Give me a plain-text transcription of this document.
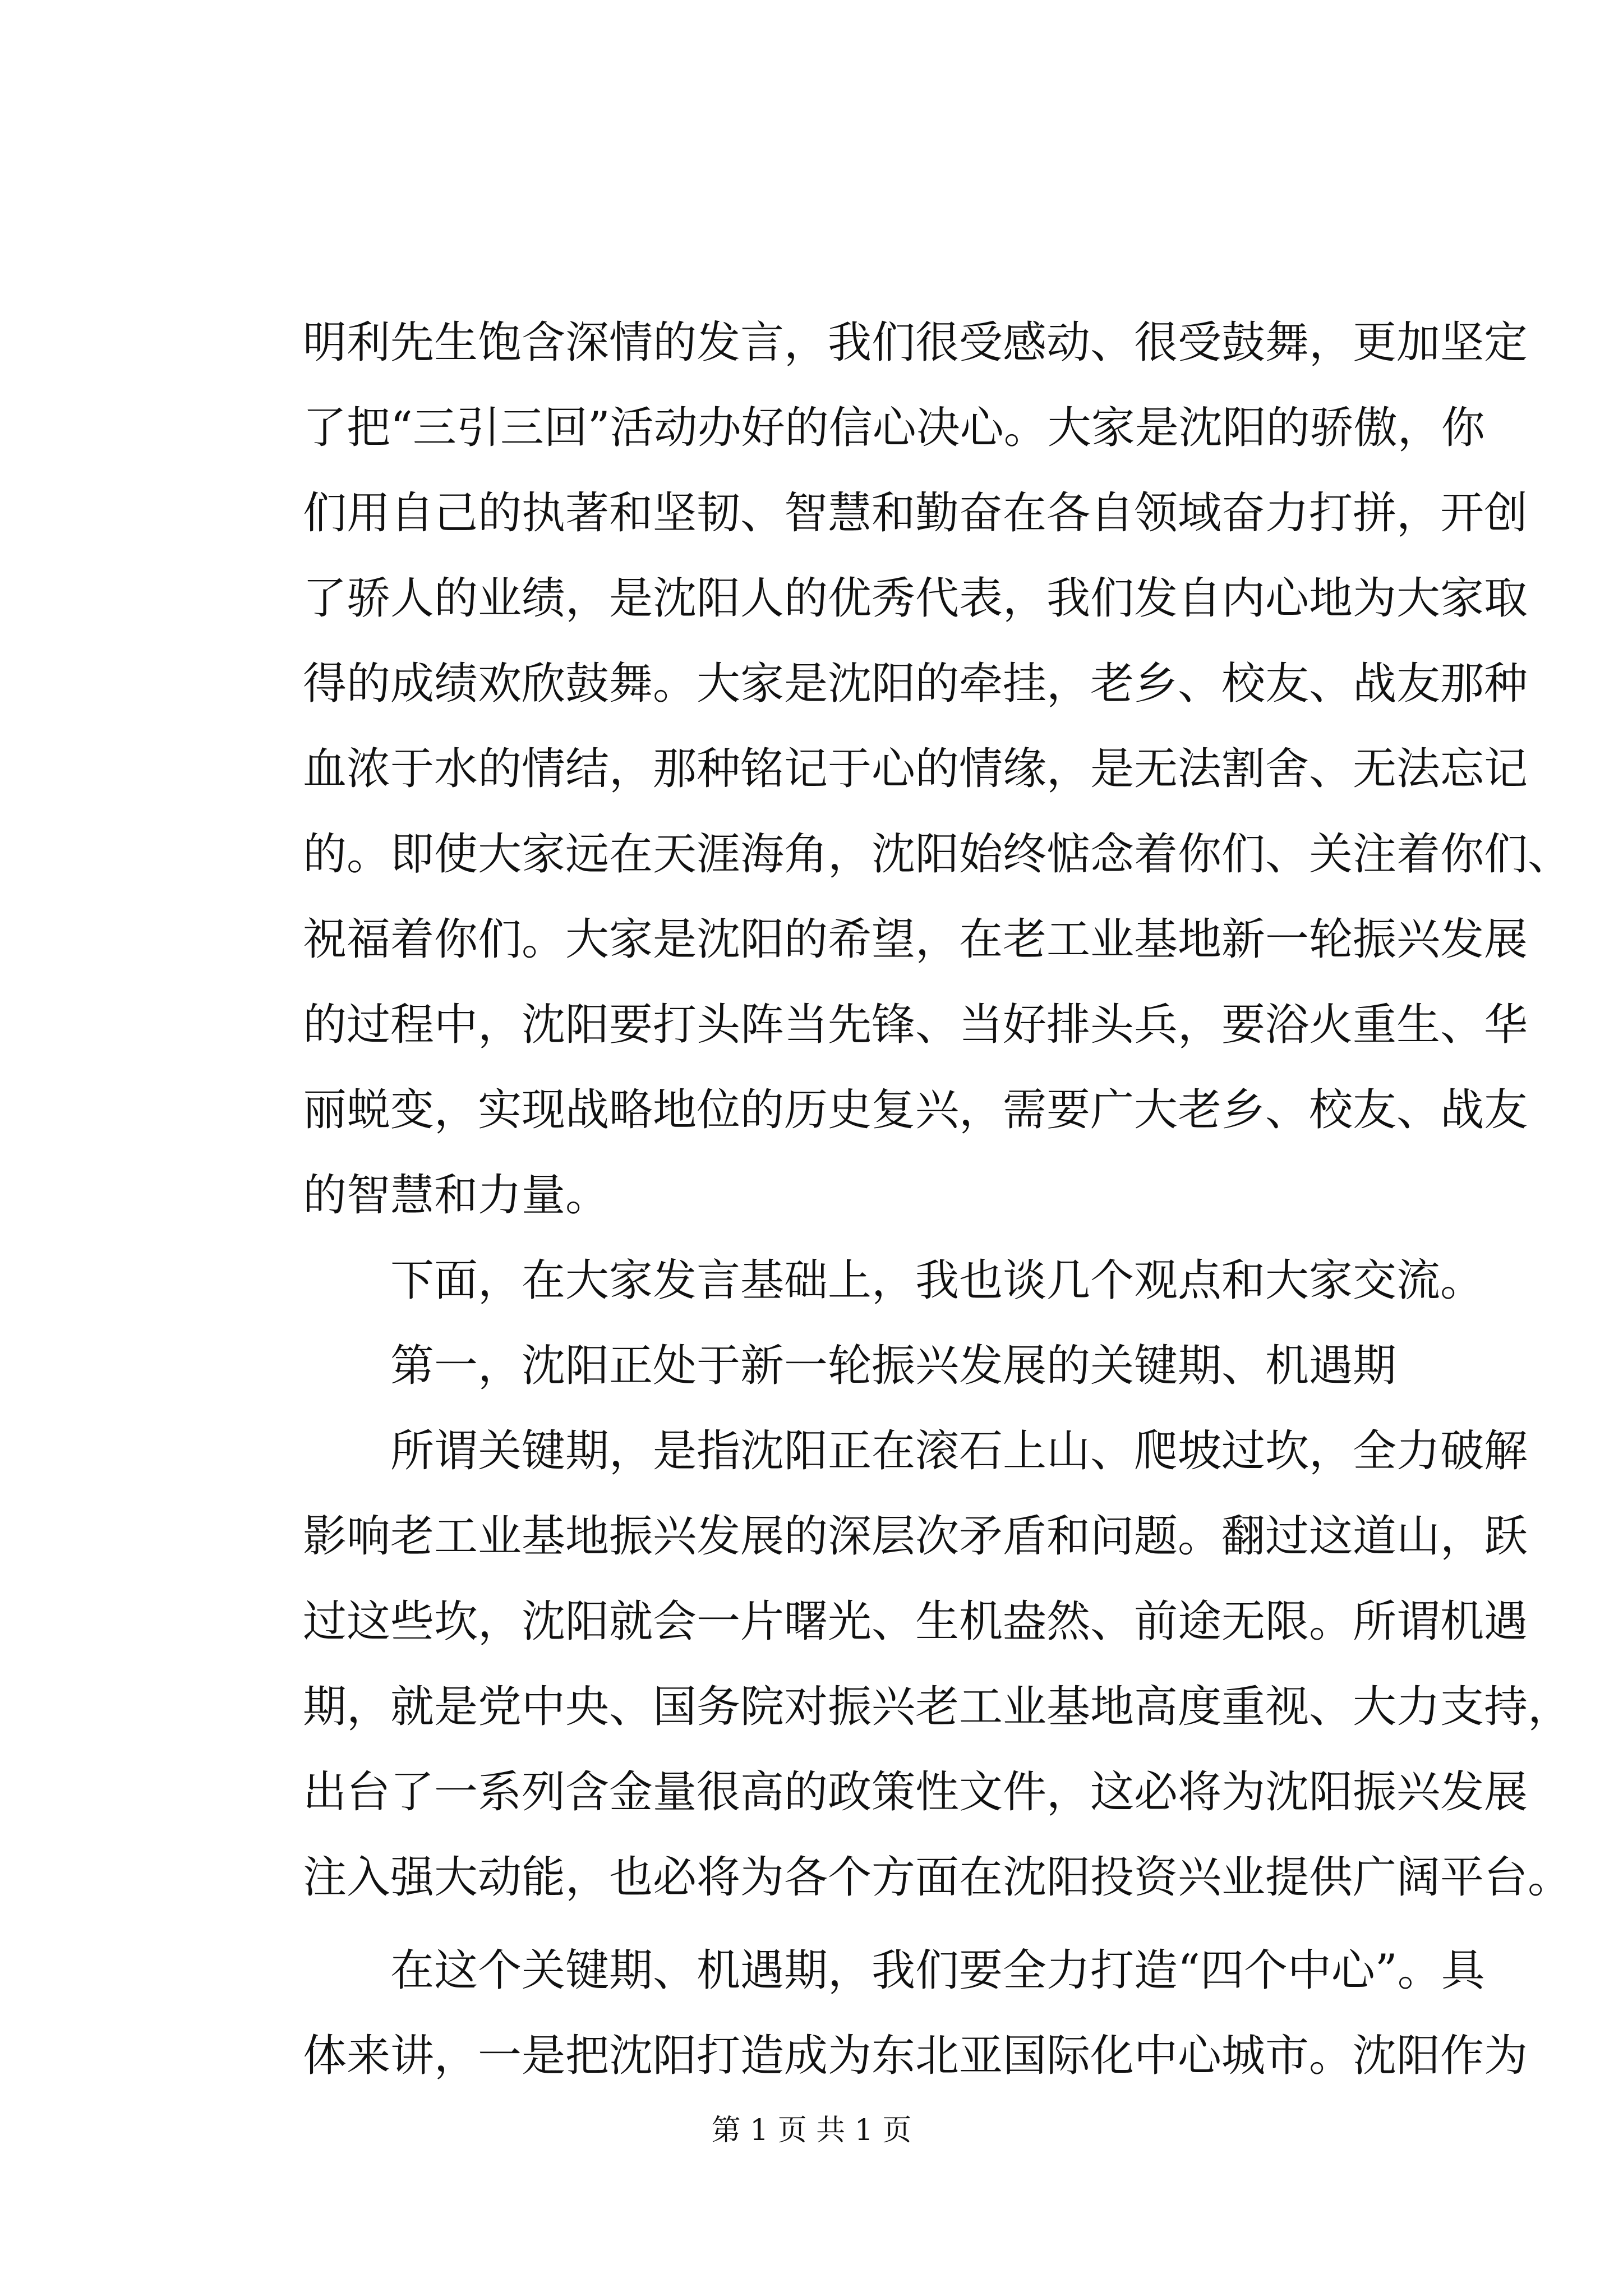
明利先生饱含深情的发言，我们很受感动、很受鼓舞，更加坚定
了把“三引三回”活动办好的信心决心。大家是沈阳的骄傲，你
们用自己的执著和坚韧、智慧和勤奋在各自领域奋力打拼，开创
了骄人的业绩，是沈阳人的优秀代表，我们发自内心地为大家取
得的成绩欢欣鼓舞。大家是沈阳的牵挂，老乡、校友、战友那种
血浓于水的情结，那种铭记于心的情缘，是无法割舍、无法忘记
的。即使大家远在天涯海角，沈阳始终惦念着你们、关注着你们、
祝福着你们。大家是沈阳的希望，在老工业基地新一轮振兴发展
的过程中，沈阳要打头阵当先锋、当好排头兵，要浴火重生、华
丽蜕变，实现战略地位的历史复兴，需要广大老乡、校友、战友
的智慧和力量。
下面，在大家发言基础上，我也谈几个观点和大家交流。
第一，沈阳正处于新一轮振兴发展的关键期、机遇期
所谓关键期，是指沈阳正在滚石上山、爬坡过坎，全力破解
影响老工业基地振兴发展的深层次矛盾和问题。翻过这道山，跃
过这些坎，沈阳就会一片曙光、生机盎然、前途无限。所谓机遇
期，就是党中央、国务院对振兴老工业基地高度重视、大力支持，
出台了一系列含金量很高的政策性文件，这必将为沈阳振兴发展
注入强大动能，也必将为各个方面在沈阳投资兴业提供广阔平台。
在这个关键期、机遇期，我们要全力打造“四个中心”。具
体来讲，一是把沈阳打造成为东北亚国际化中心城市。沈阳作为
第 1 页 共 1 页
